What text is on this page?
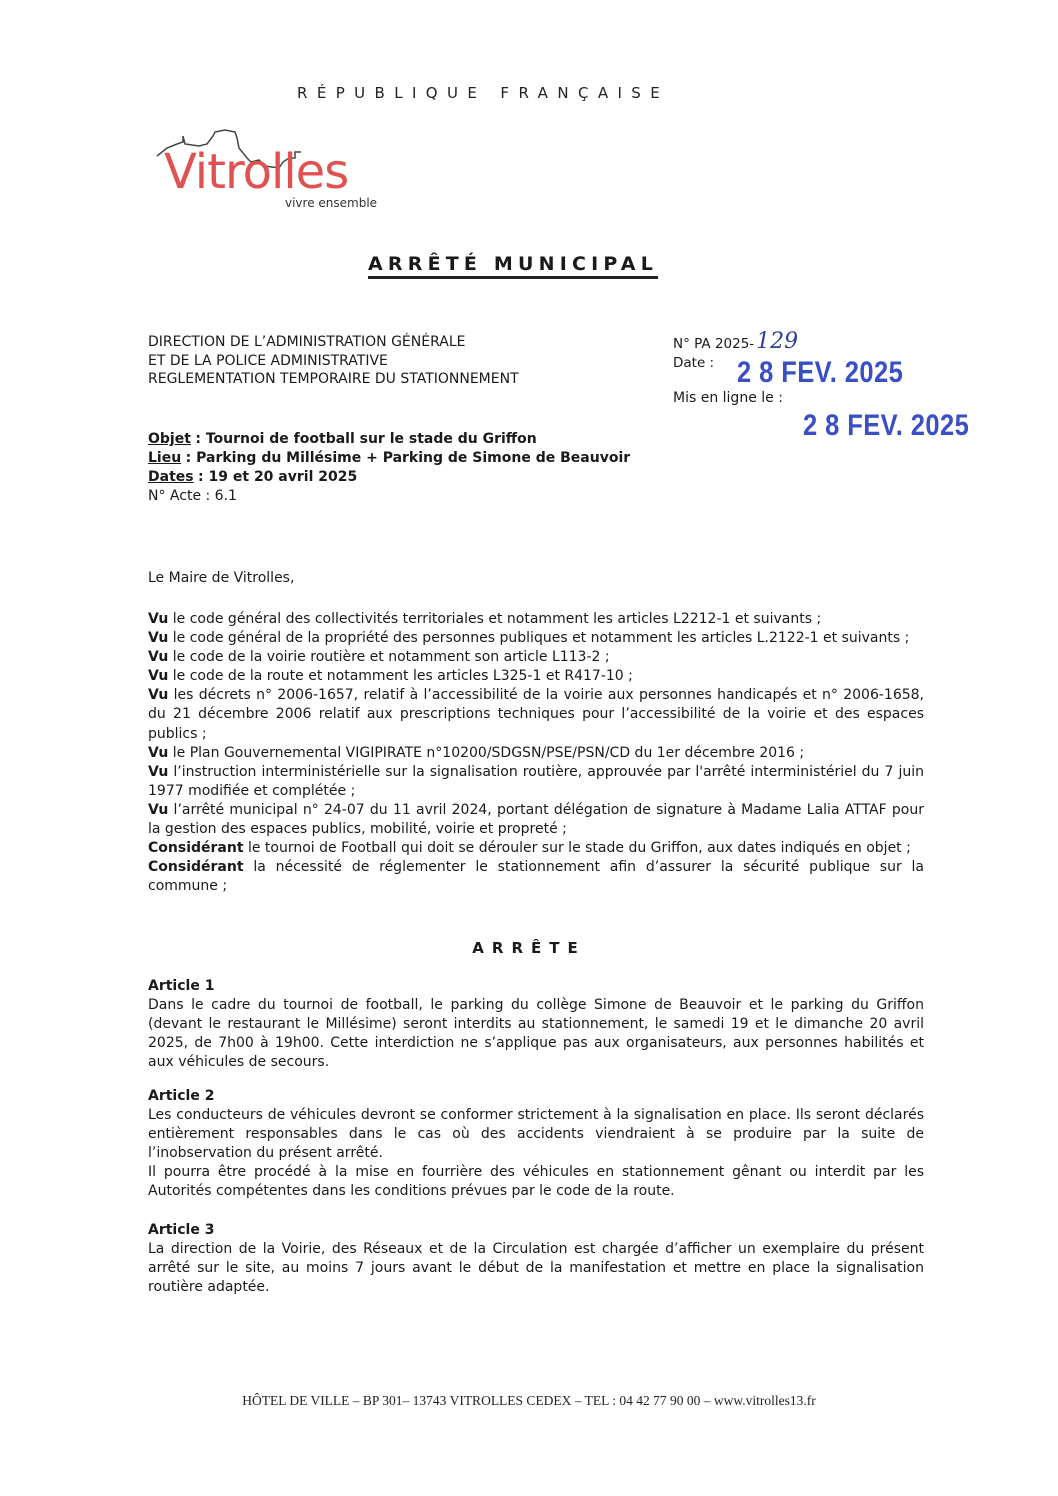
RÉPUBLIQUE FRANÇAISE
Vitrolles
vivre ensemble
ARRÊTÉ MUNICIPAL
DIRECTION DE L’ADMINISTRATION GÉNÉRALE
ET DE LA POLICE ADMINISTRATIVE
REGLEMENTATION TEMPORAIRE DU STATIONNEMENT
N° PA 2025-129
Date : 2 8 FEV. 2025
Mis en ligne le :
2 8 FEV. 2025
Objet : Tournoi de football sur le stade du Griffon
Lieu : Parking du Millésime + Parking de Simone de Beauvoir
Dates : 19 et 20 avril 2025
N° Acte : 6.1
Le Maire de Vitrolles,

Vu le code général des collectivités territoriales et notamment les articles L2212-1 et suivants ;

Vu le code général de la propriété des personnes publiques et notamment les articles L.2122-1 et suivants ;

Vu le code de la voirie routière et notamment son article L113-2 ;

Vu le code de la route et notamment les articles L325-1 et R417-10 ;

Vu les décrets n° 2006-1657, relatif à l’accessibilité de la voirie aux personnes handicapés et n° 2006-1658, du 21 décembre 2006 relatif aux prescriptions techniques pour l’accessibilité de la voirie et des espaces publics ;

Vu le Plan Gouvernemental VIGIPIRATE n°10200/SDGSN/PSE/PSN/CD du 1er décembre 2016 ;

Vu l’instruction interministérielle sur la signalisation routière, approuvée par l'arrêté interministériel du 7 juin 1977 modifiée et complétée ;

Vu l’arrêté municipal n° 24-07 du 11 avril 2024, portant délégation de signature à Madame Lalia ATTAF pour la gestion des espaces publics, mobilité, voirie et propreté ;

Considérant le tournoi de Football qui doit se dérouler sur le stade du Griffon, aux dates indiqués en objet ;

Considérant la nécessité de réglementer le stationnement afin d’assurer la sécurité publique sur la commune ;

ARRÊTE
Article 1

Dans le cadre du tournoi de football, le parking du collège Simone de Beauvoir et le parking du Griffon (devant le restaurant le Millésime) seront interdits au stationnement, le samedi 19 et le dimanche 20 avril 2025, de 7h00 à 19h00. Cette interdiction ne s’applique pas aux organisateurs, aux personnes habilités et aux véhicules de secours.

Article 2

Les conducteurs de véhicules devront se conformer strictement à la signalisation en place. Ils seront déclarés entièrement responsables dans le cas où des accidents viendraient à se produire par la suite de l’inobservation du présent arrêté.

Il pourra être procédé à la mise en fourrière des véhicules en stationnement gênant ou interdit par les Autorités compétentes dans les conditions prévues par le code de la route.

Article 3

La direction de la Voirie, des Réseaux et de la Circulation est chargée d’afficher un exemplaire du présent arrêté sur le site, au moins 7 jours avant le début de la manifestation et mettre en place la signalisation routière adaptée.

HÔTEL DE VILLE – BP 301– 13743 VITROLLES CEDEX – TEL : 04 42 77 90 00 – www.vitrolles13.fr
